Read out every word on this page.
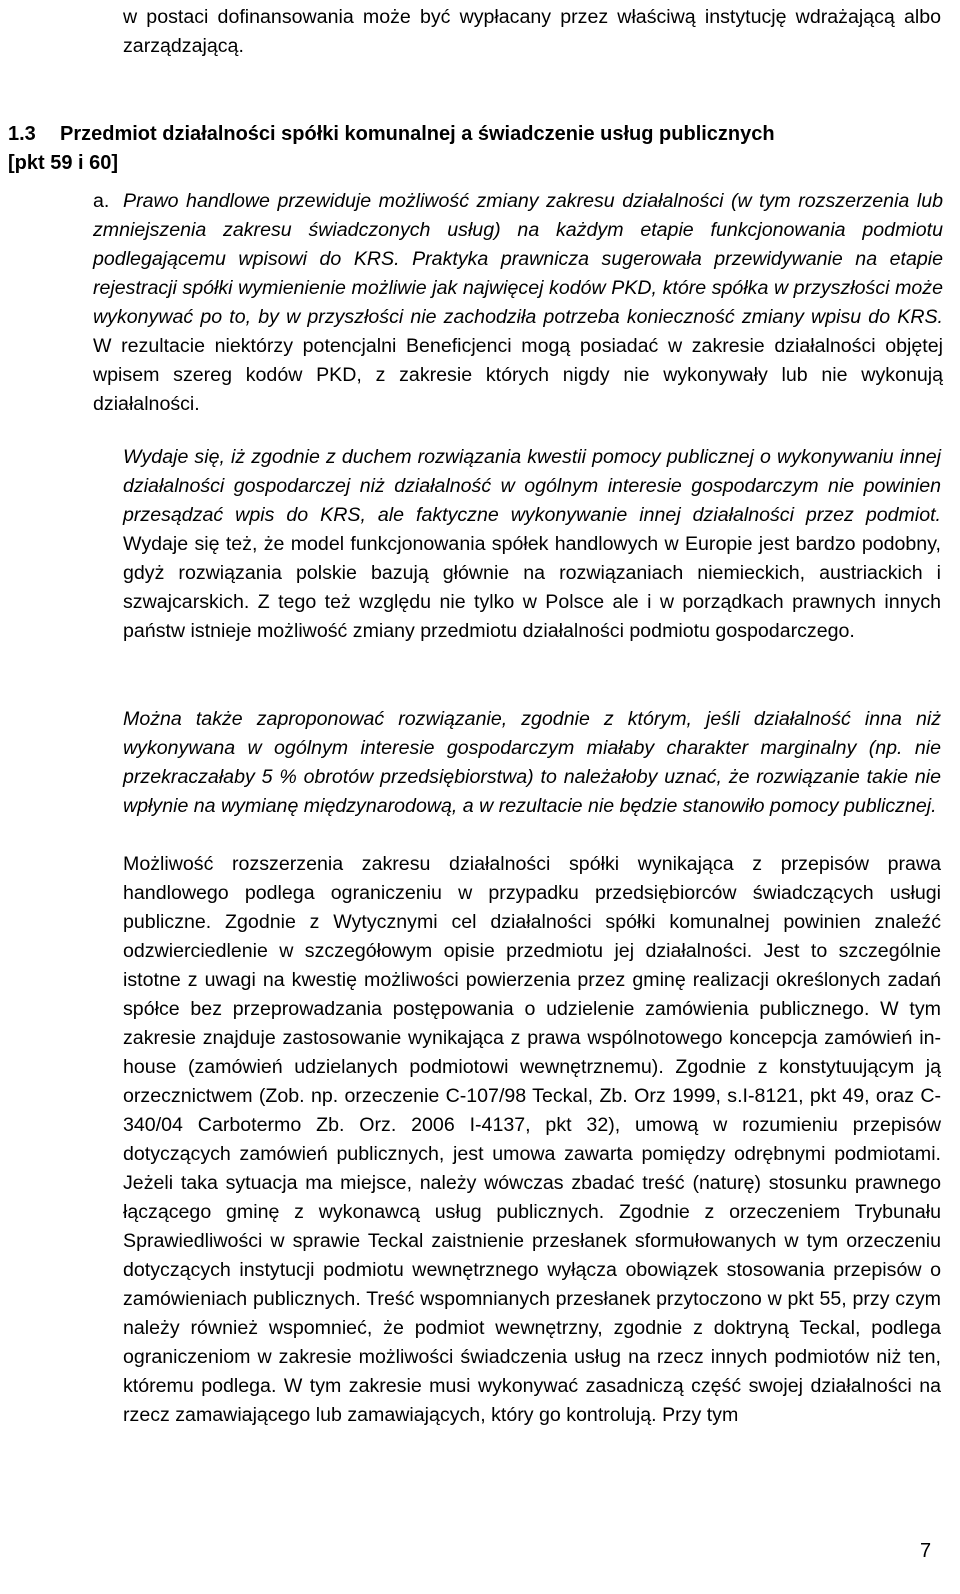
w postaci dofinansowania może być wypłacany przez właściwą instytucję wdrażającą albo zarządzającą.

1.3 Przedmiot działalności spółki komunalnej a świadczenie usług publicznych
[pkt 59 i 60]

a. Prawo handlowe przewiduje możliwość zmiany zakresu działalności (w tym rozszerzenia lub zmniejszenia zakresu świadczonych usług) na każdym etapie funkcjonowania podmiotu podlegającemu wpisowi do KRS. Praktyka prawnicza sugerowała przewidywanie na etapie rejestracji spółki wymienienie możliwie jak najwięcej kodów PKD, które spółka w przyszłości może wykonywać po to, by w przyszłości nie zachodziła potrzeba konieczność zmiany wpisu do KRS. W rezultacie niektórzy potencjalni Beneficjenci mogą posiadać w zakresie działalności objętej wpisem szereg kodów PKD, z zakresie których nigdy nie wykonywały lub nie wykonują działalności.

Wydaje się, iż zgodnie z duchem rozwiązania kwestii pomocy publicznej o wykonywaniu innej działalności gospodarczej niż działalność w ogólnym interesie gospodarczym nie powinien przesądzać wpis do KRS, ale faktyczne wykonywanie innej działalności przez podmiot. Wydaje się też, że model funkcjonowania spółek handlowych w Europie jest bardzo podobny, gdyż rozwiązania polskie bazują głównie na rozwiązaniach niemieckich, austriackich i szwajcarskich. Z tego też względu nie tylko w Polsce ale i w porządkach prawnych innych państw istnieje możliwość zmiany przedmiotu działalności podmiotu gospodarczego.

Można także zaproponować rozwiązanie, zgodnie z którym, jeśli działalność inna niż wykonywana w ogólnym interesie gospodarczym miałaby charakter marginalny (np. nie przekraczałaby 5 % obrotów przedsiębiorstwa) to należałoby uznać, że rozwiązanie takie nie wpłynie na wymianę międzynarodową, a w rezultacie nie będzie stanowiło pomocy publicznej.

Możliwość rozszerzenia zakresu działalności spółki wynikająca z przepisów prawa handlowego podlega ograniczeniu w przypadku przedsiębiorców świadczących usługi publiczne. Zgodnie z Wytycznymi cel działalności spółki komunalnej powinien znaleźć odzwierciedlenie w szczegółowym opisie przedmiotu jej działalności. Jest to szczególnie istotne z uwagi na kwestię możliwości powierzenia przez gminę realizacji określonych zadań spółce bez przeprowadzania postępowania o udzielenie zamówienia publicznego. W tym zakresie znajduje zastosowanie wynikająca z prawa wspólnotowego koncepcja zamówień in-house (zamówień udzielanych podmiotowi wewnętrznemu). Zgodnie z konstytuującym ją orzecznictwem (Zob. np. orzeczenie C-107/98 Teckal, Zb. Orz 1999, s.I-8121, pkt 49, oraz C-340/04 Carbotermo Zb. Orz. 2006 I-4137, pkt 32), umową w rozumieniu przepisów dotyczących zamówień publicznych, jest umowa zawarta pomiędzy odrębnymi podmiotami. Jeżeli taka sytuacja ma miejsce, należy wówczas zbadać treść (naturę) stosunku prawnego łączącego gminę z wykonawcą usług publicznych. Zgodnie z orzeczeniem Trybunału Sprawiedliwości w sprawie Teckal zaistnienie przesłanek sformułowanych w tym orzeczeniu dotyczących instytucji podmiotu wewnętrznego wyłącza obowiązek stosowania przepisów o zamówieniach publicznych. Treść wspomnianych przesłanek przytoczono w pkt 55, przy czym należy również wspomnieć, że podmiot wewnętrzny, zgodnie z doktryną Teckal, podlega ograniczeniom w zakresie możliwości świadczenia usług na rzecz innych podmiotów niż ten, któremu podlega. W tym zakresie musi wykonywać zasadniczą część swojej działalności na rzecz zamawiającego lub zamawiających, który go kontrolują. Przy tym

7
